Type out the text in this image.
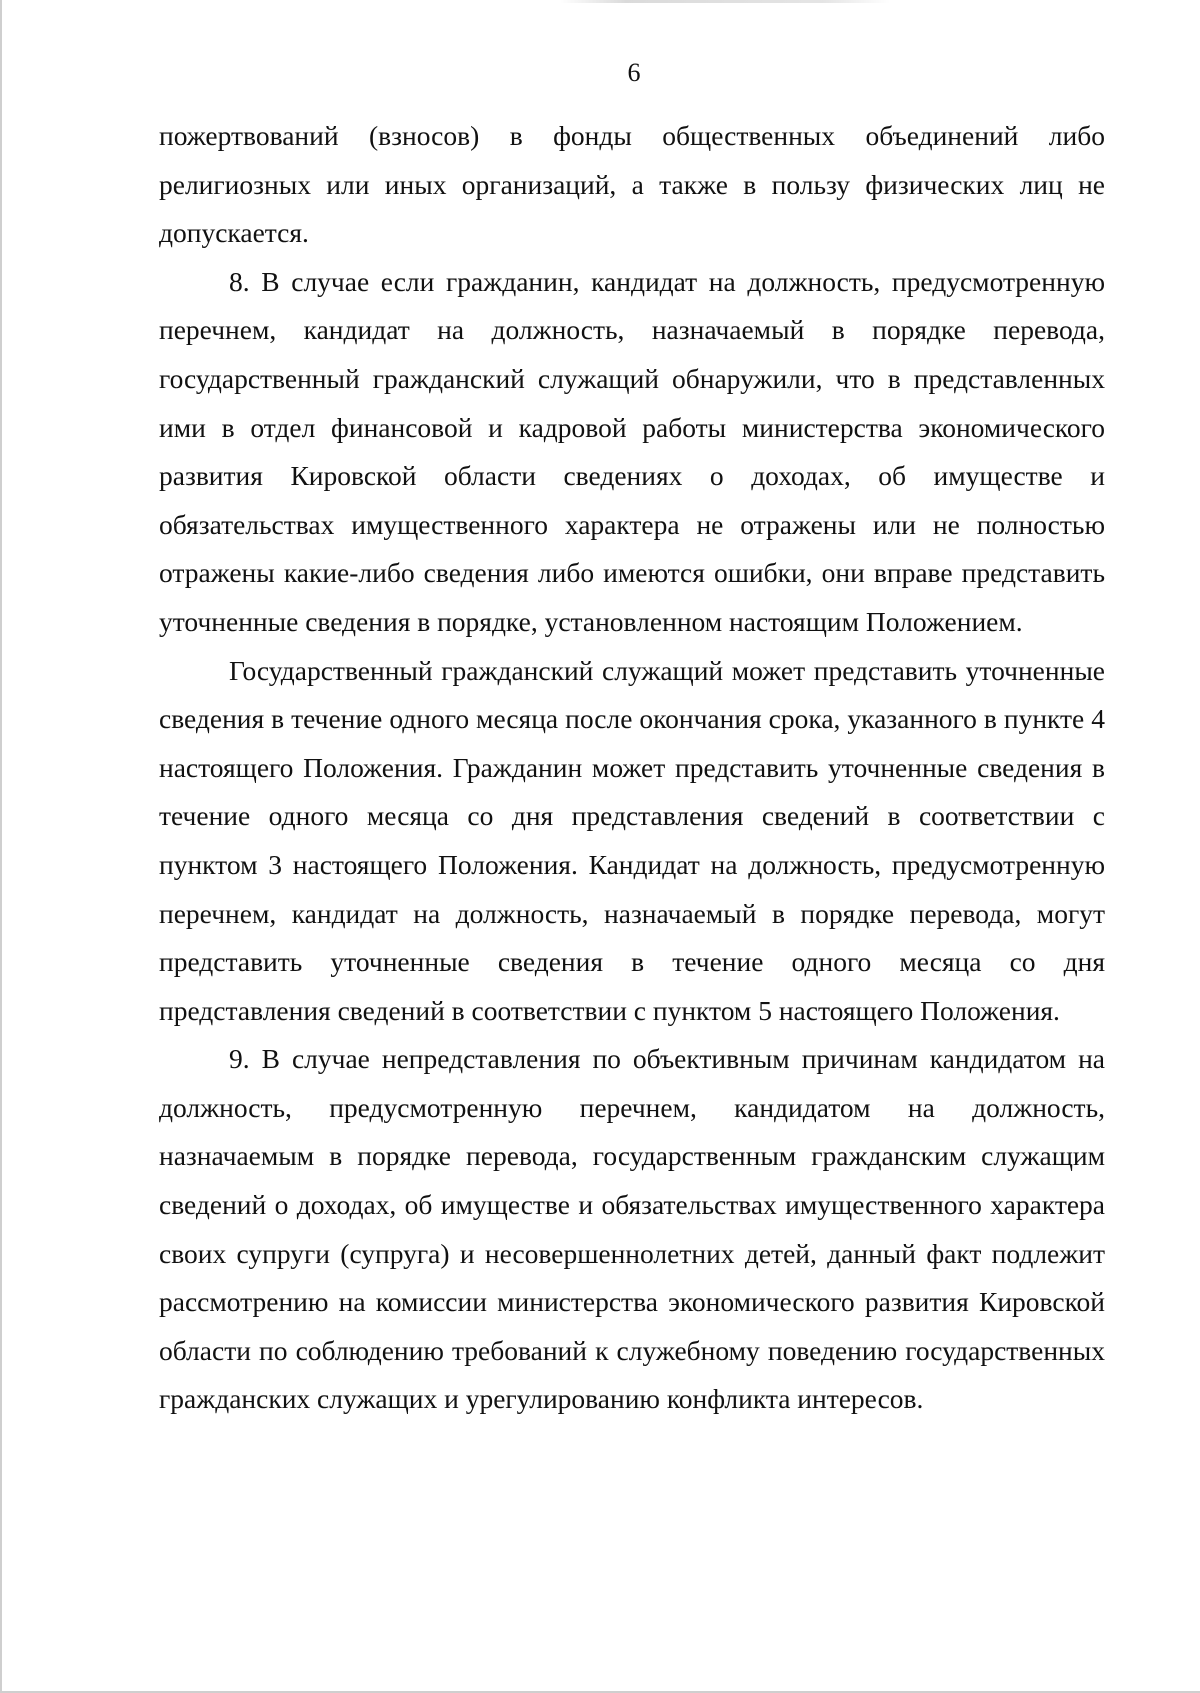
6

пожертвований (взносов) в фонды общественных объединений либо религиозных или иных организаций, а также в пользу физических лиц не допускается.

8. В случае если гражданин, кандидат на должность, предусмотренную перечнем, кандидат на должность, назначаемый в порядке перевода, государственный гражданский служащий обнаружили, что в представленных ими в отдел финансовой и кадровой работы министерства экономического развития Кировской области сведениях о доходах, об имуществе и обязательствах имущественного характера не отражены или не полностью отражены какие-либо сведения либо имеются ошибки, они вправе представить уточненные сведения в порядке, установленном настоящим Положением.

Государственный гражданский служащий может представить уточненные сведения в течение одного месяца после окончания срока, указанного в пункте 4 настоящего Положения. Гражданин может представить уточненные сведения в течение одного месяца со дня представления сведений в соответствии с пунктом 3 настоящего Положения. Кандидат на должность, предусмотренную перечнем, кандидат на должность, назначаемый в порядке перевода, могут представить уточненные сведения в течение одного месяца со дня представления сведений в соответствии с пунктом 5 настоящего Положения.

9. В случае непредставления по объективным причинам кандидатом на должность, предусмотренную перечнем, кандидатом на должность, назначаемым в порядке перевода, государственным гражданским служащим сведений о доходах, об имуществе и обязательствах имущественного характера своих супруги (супруга) и несовершеннолетних детей, данный факт подлежит рассмотрению на комиссии министерства экономического развития Кировской области по соблюдению требований к служебному поведению государственных гражданских служащих и урегулированию конфликта интересов.
